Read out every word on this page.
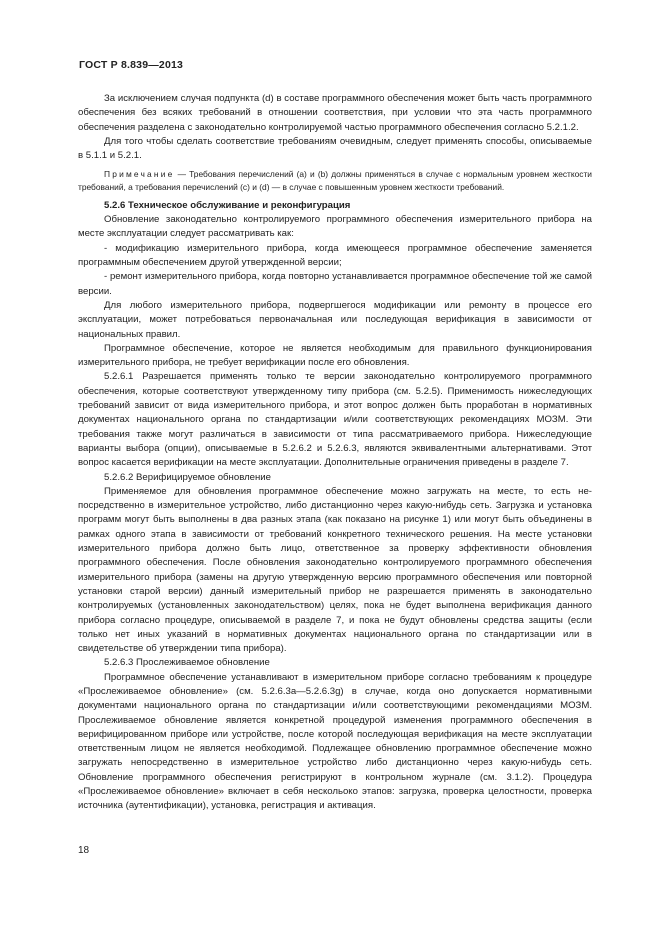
ГОСТ Р 8.839—2013

За исключением случая подпункта (d) в составе программного обеспечения может быть часть программного обеспечения без всяких требований в отношении соответствия, при условии что эта часть программного обеспечения разделена с законодательно контролируемой частью программного обеспечения согласно 5.2.1.2.

Для того чтобы сделать соответствие требованиям очевидным, следует применять способы, описываемые в 5.1.1 и 5.2.1.

Примечание — Требования перечислений (a) и (b) должны применяться в случае с нормальным уровнем жесткости требований, а требования перечислений (c) и (d) — в случае с повышенным уровнем жесткости требований.

5.2.6 Техническое обслуживание и реконфигурация

Обновление законодательно контролируемого программного обеспечения измерительного прибора на месте эксплуатации следует рассматривать как:

- модификацию измерительного прибора, когда имеющееся программное обеспечение заменяется программным обеспечением другой утвержденной версии;

- ремонт измерительного прибора, когда повторно устанавливается программное обеспечение той же самой версии.

Для любого измерительного прибора, подвергшегося модификации или ремонту в процессе его эксплуатации, может потребоваться первоначальная или последующая верификация в зависимости от национальных правил.

Программное обеспечение, которое не является необходимым для правильного функционирования измерительного прибора, не требует верификации после его обновления.

5.2.6.1 Разрешается применять только те версии законодательно контролируемого программного обеспечения, которые соответствуют утвержденному типу прибора (см. 5.2.5). Применимость нижеследующих требований зависит от вида измерительного прибора, и этот вопрос должен быть проработан в нормативных документах национального органа по стандартизации и/или соответствующих рекомендациях МОЗМ. Эти требования также могут различаться в зависимости от типа рассматриваемого прибора. Нижеследующие варианты выбора (опции), описываемые в 5.2.6.2 и 5.2.6.3, являются эквивалентными альтернативами. Этот вопрос касается верификации на месте эксплуатации. Дополнительные ограничения приведены в разделе 7.

5.2.6.2 Верифицируемое обновление

Применяемое для обновления программное обеспечение можно загружать на месте, то есть непосредственно в измерительное устройство, либо дистанционно через какую-нибудь сеть. Загрузка и установка программ могут быть выполнены в два разных этапа (как показано на рисунке 1) или могут быть объединены в рамках одного этапа в зависимости от требований конкретного технического решения. На месте установки измерительного прибора должно быть лицо, ответственное за проверку эффективности обновления программного обеспечения. После обновления законодательно контролируемого программного обеспечения измерительного прибора (замены на другую утвержденную версию программного обеспечения или повторной установки старой версии) данный измерительный прибор не разрешается применять в законодательно контролируемых (установленных законодательством) целях, пока не будет выполнена верификация данного прибора согласно процедуре, описываемой в разделе 7, и пока не будут обновлены средства защиты (если только нет иных указаний в нормативных документах национального органа по стандартизации или в свидетельстве об утверждении типа прибора).

5.2.6.3 Прослеживаемое обновление

Программное обеспечение устанавливают в измерительном приборе согласно требованиям к процедуре «Прослеживаемое обновление» (см. 5.2.6.3а—5.2.6.3g) в случае, когда оно допускается нормативными документами национального органа по стандартизации и/или соответствующими рекомендациями МОЗМ. Прослеживаемое обновление является конкретной процедурой изменения программного обеспечения в верифицированном приборе или устройстве, после которой последующая верификация на месте эксплуатации ответственным лицом не является необходимой. Подлежащее обновлению программное обеспечение можно загружать непосредственно в измерительное устройство либо дистанционно через какую-нибудь сеть. Обновление программного обеспечения регистрируют в контрольном журнале (см. 3.1.2). Процедура «Прослеживаемое обновление» включает в себя нескольоко этапов: загрузка, проверка целостности, проверка источника (аутентификации), установка, регистрация и активация.

18
